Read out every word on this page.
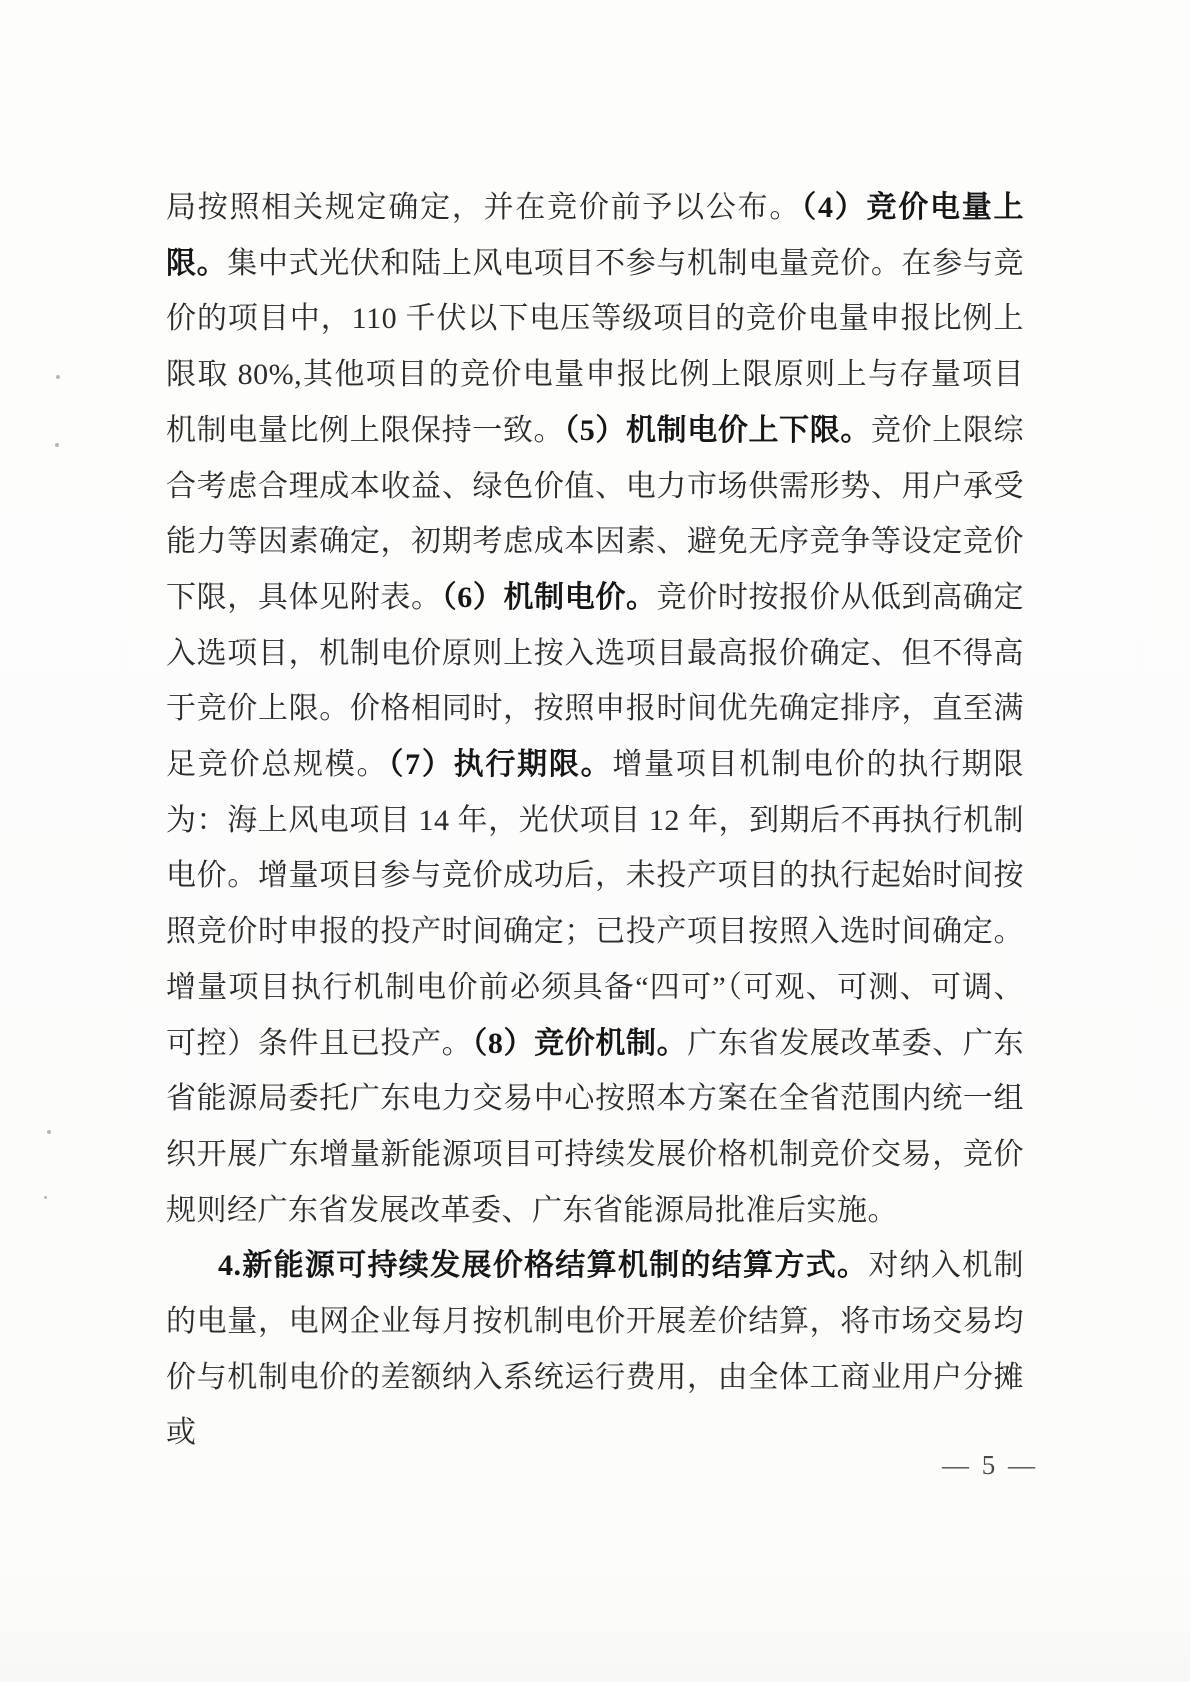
局按照相关规定确定，并在竞价前予以公布。（4）竞价电量上限。集中式光伏和陆上风电项目不参与机制电量竞价。在参与竞价的项目中，110 千伏以下电压等级项目的竞价电量申报比例上限取 80%,其他项目的竞价电量申报比例上限原则上与存量项目机制电量比例上限保持一致。（5）机制电价上下限。竞价上限综合考虑合理成本收益、绿色价值、电力市场供需形势、用户承受能力等因素确定，初期考虑成本因素、避免无序竞争等设定竞价下限，具体见附表。（6）机制电价。竞价时按报价从低到高确定入选项目，机制电价原则上按入选项目最高报价确定、但不得高于竞价上限。价格相同时，按照申报时间优先确定排序，直至满足竞价总规模。（7）执行期限。增量项目机制电价的执行期限为：海上风电项目 14 年，光伏项目 12 年，到期后不再执行机制电价。增量项目参与竞价成功后，未投产项目的执行起始时间按照竞价时申报的投产时间确定；已投产项目按照入选时间确定。增量项目执行机制电价前必须具备“四可”（可观、可测、可调、可控）条件且已投产。（8）竞价机制。广东省发展改革委、广东省能源局委托广东电力交易中心按照本方案在全省范围内统一组织开展广东增量新能源项目可持续发展价格机制竞价交易，竞价规则经广东省发展改革委、广东省能源局批准后实施。

4.新能源可持续发展价格结算机制的结算方式。对纳入机制的电量，电网企业每月按机制电价开展差价结算，将市场交易均价与机制电价的差额纳入系统运行费用，由全体工商业用户分摊或

— 5 —
